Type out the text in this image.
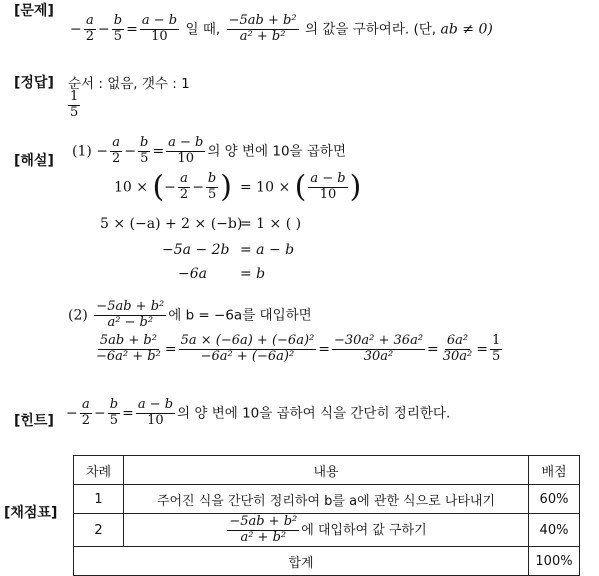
[문제]
− $\frac{a}{2} - \frac{b}{5} = \frac{a - b}{10}$ 일 때, $\frac{\text{−5ab + b²}}{\text{a² + b²}}$ 의 값을 구하여라. (단, ab ≠ 0)
[정답] 순서 : 없음, 갯수 : 1
$\frac{1}{5}$
[해설]
$(1) - \frac{a}{2} - \frac{b}{5} = \frac{a - b}{10}$ 의 양 변에 10을 곱하면
10 × (− $\frac{a}{2} - \frac{b}{5}$ ) = 10 × ( $\frac{a - b}{10}$ )
5 × (−a) + 2 × (−b)
= 1 × ( )
−5a − 2b = a − b
−6a = b
$(2) \frac{\text{−5ab + b²}}{\text{a² − b²}}$ 에 b = −6a를 대입하면
$\frac{\text{5ab + b²}}{\text{−6a² + b²}} = \frac{\text{5a × (−6a) + (−6a)²}}{\text{−6a² + (−6a)²}} = \frac{\text{−30a² + 36a²}}{\text{30a²}} = \frac{\text{6a²}}{\text{30a²}} = \frac{1}{5}$
[힌트] − $\frac{a}{2} - \frac{b}{5} = \frac{a - b}{10}$ 의 양 변에 10을 곱하여 식을 간단히 정리한다.
[채점표]
차례	내용	배점
1	주어진 식을 간단히 정리하여 b를 a에 관한 식으로 나타내기	60%
2	$\frac{\text{−5ab + b²}}{\text{a² + b²}}$ 에 대입하여 값 구하기	40%
합계		100%
